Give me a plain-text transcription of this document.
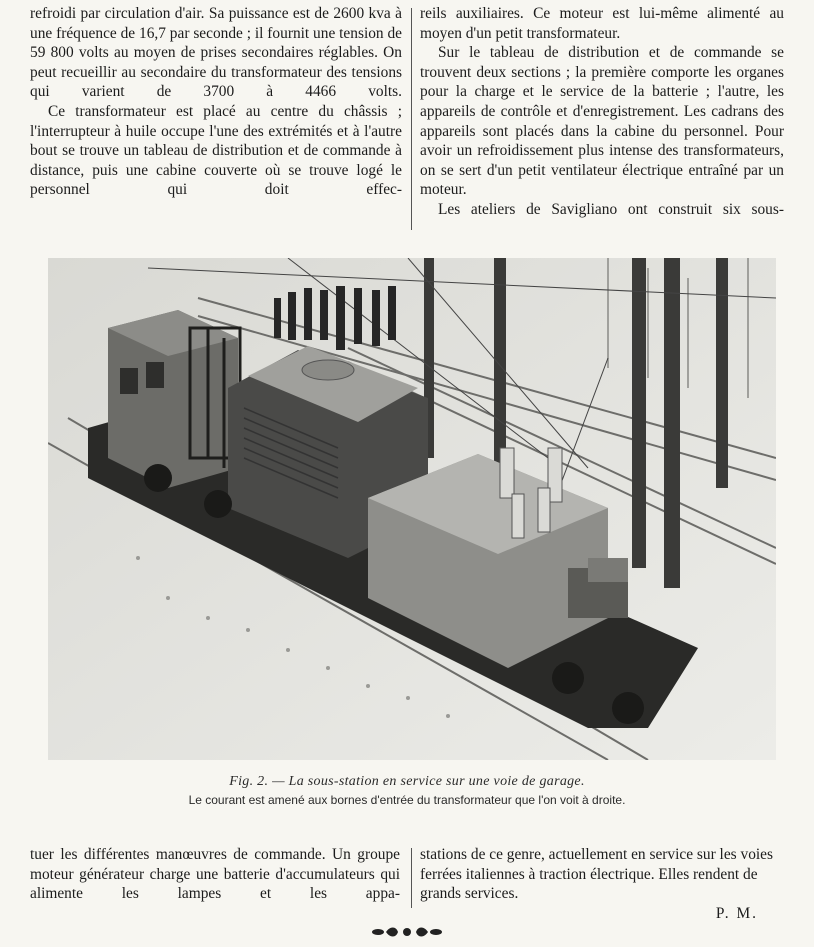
refroidi par circulation d'air. Sa puissance est de 2600 kva à une fréquence de 16,7 par seconde ; il fournit une tension de 59 800 volts au moyen de prises secondaires réglables. On peut recueillir au secondaire du transformateur des tensions qui varient de 3700 à 4466 volts.

Ce transformateur est placé au centre du châssis ; l'interrupteur à huile occupe l'une des extrémités et à l'autre bout se trouve un tableau de distribution et de commande à distance, puis une cabine couverte où se trouve logé le personnel qui doit effec-

reils auxiliaires. Ce moteur est lui-même alimenté au moyen d'un petit transformateur.

Sur le tableau de distribution et de commande se trouvent deux sections ; la première comporte les organes pour la charge et le service de la batterie ; l'autre, les appareils de contrôle et d'enregistrement. Les cadrans des appareils sont placés dans la cabine du personnel. Pour avoir un refroidissement plus intense des transformateurs, on se sert d'un petit ventilateur électrique entraîné par un moteur.

Les ateliers de Savigliano ont construit six sous-

Fig. 2. — La sous-station en service sur une voie de garage.
Le courant est amené aux bornes d'entrée du transformateur que l'on voit à droite.

tuer les différentes manœuvres de commande. Un groupe moteur générateur charge une batterie d'accumulateurs qui alimente les lampes et les appa-

stations de ce genre, actuellement en service sur les voies ferrées italiennes à traction électrique. Elles rendent de grands services.

P. M.
